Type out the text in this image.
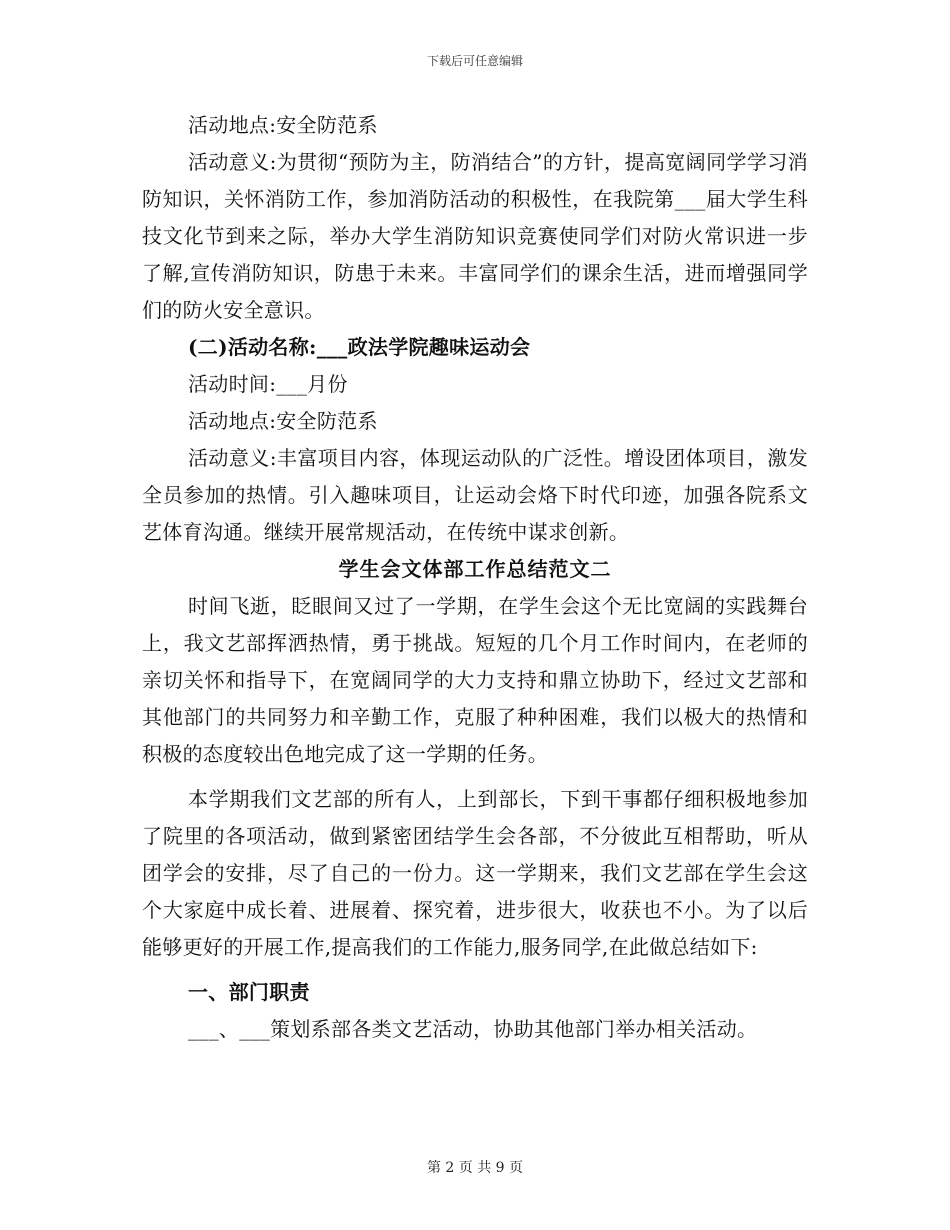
下载后可任意编辑

活动地点:安全防范系

活动意义:为贯彻“预防为主，防消结合”的方针，提高宽阔同学学习消防知识，关怀消防工作，参加消防活动的积极性，在我院第___届大学生科技文化节到来之际，举办大学生消防知识竞赛使同学们对防火常识进一步了解,宣传消防知识，防患于未来。丰富同学们的课余生活，进而增强同学们的防火安全意识。

(二)活动名称:___政法学院趣味运动会

活动时间:___月份

活动地点:安全防范系

活动意义:丰富项目内容，体现运动队的广泛性。增设团体项目，激发全员参加的热情。引入趣味项目，让运动会烙下时代印迹，加强各院系文艺体育沟通。继续开展常规活动，在传统中谋求创新。

学生会文体部工作总结范文二

时间飞逝，眨眼间又过了一学期，在学生会这个无比宽阔的实践舞台上，我文艺部挥洒热情，勇于挑战。短短的几个月工作时间内，在老师的亲切关怀和指导下，在宽阔同学的大力支持和鼎立协助下，经过文艺部和其他部门的共同努力和辛勤工作，克服了种种困难，我们以极大的热情和积极的态度较出色地完成了这一学期的任务。

本学期我们文艺部的所有人，上到部长，下到干事都仔细积极地参加了院里的各项活动，做到紧密团结学生会各部，不分彼此互相帮助，听从团学会的安排，尽了自己的一份力。这一学期来，我们文艺部在学生会这个大家庭中成长着、进展着、探究着，进步很大，收获也不小。为了以后能够更好的开展工作,提高我们的工作能力,服务同学,在此做总结如下:

一、部门职责

___、___策划系部各类文艺活动，协助其他部门举办相关活动。

第 2 页 共 9 页
